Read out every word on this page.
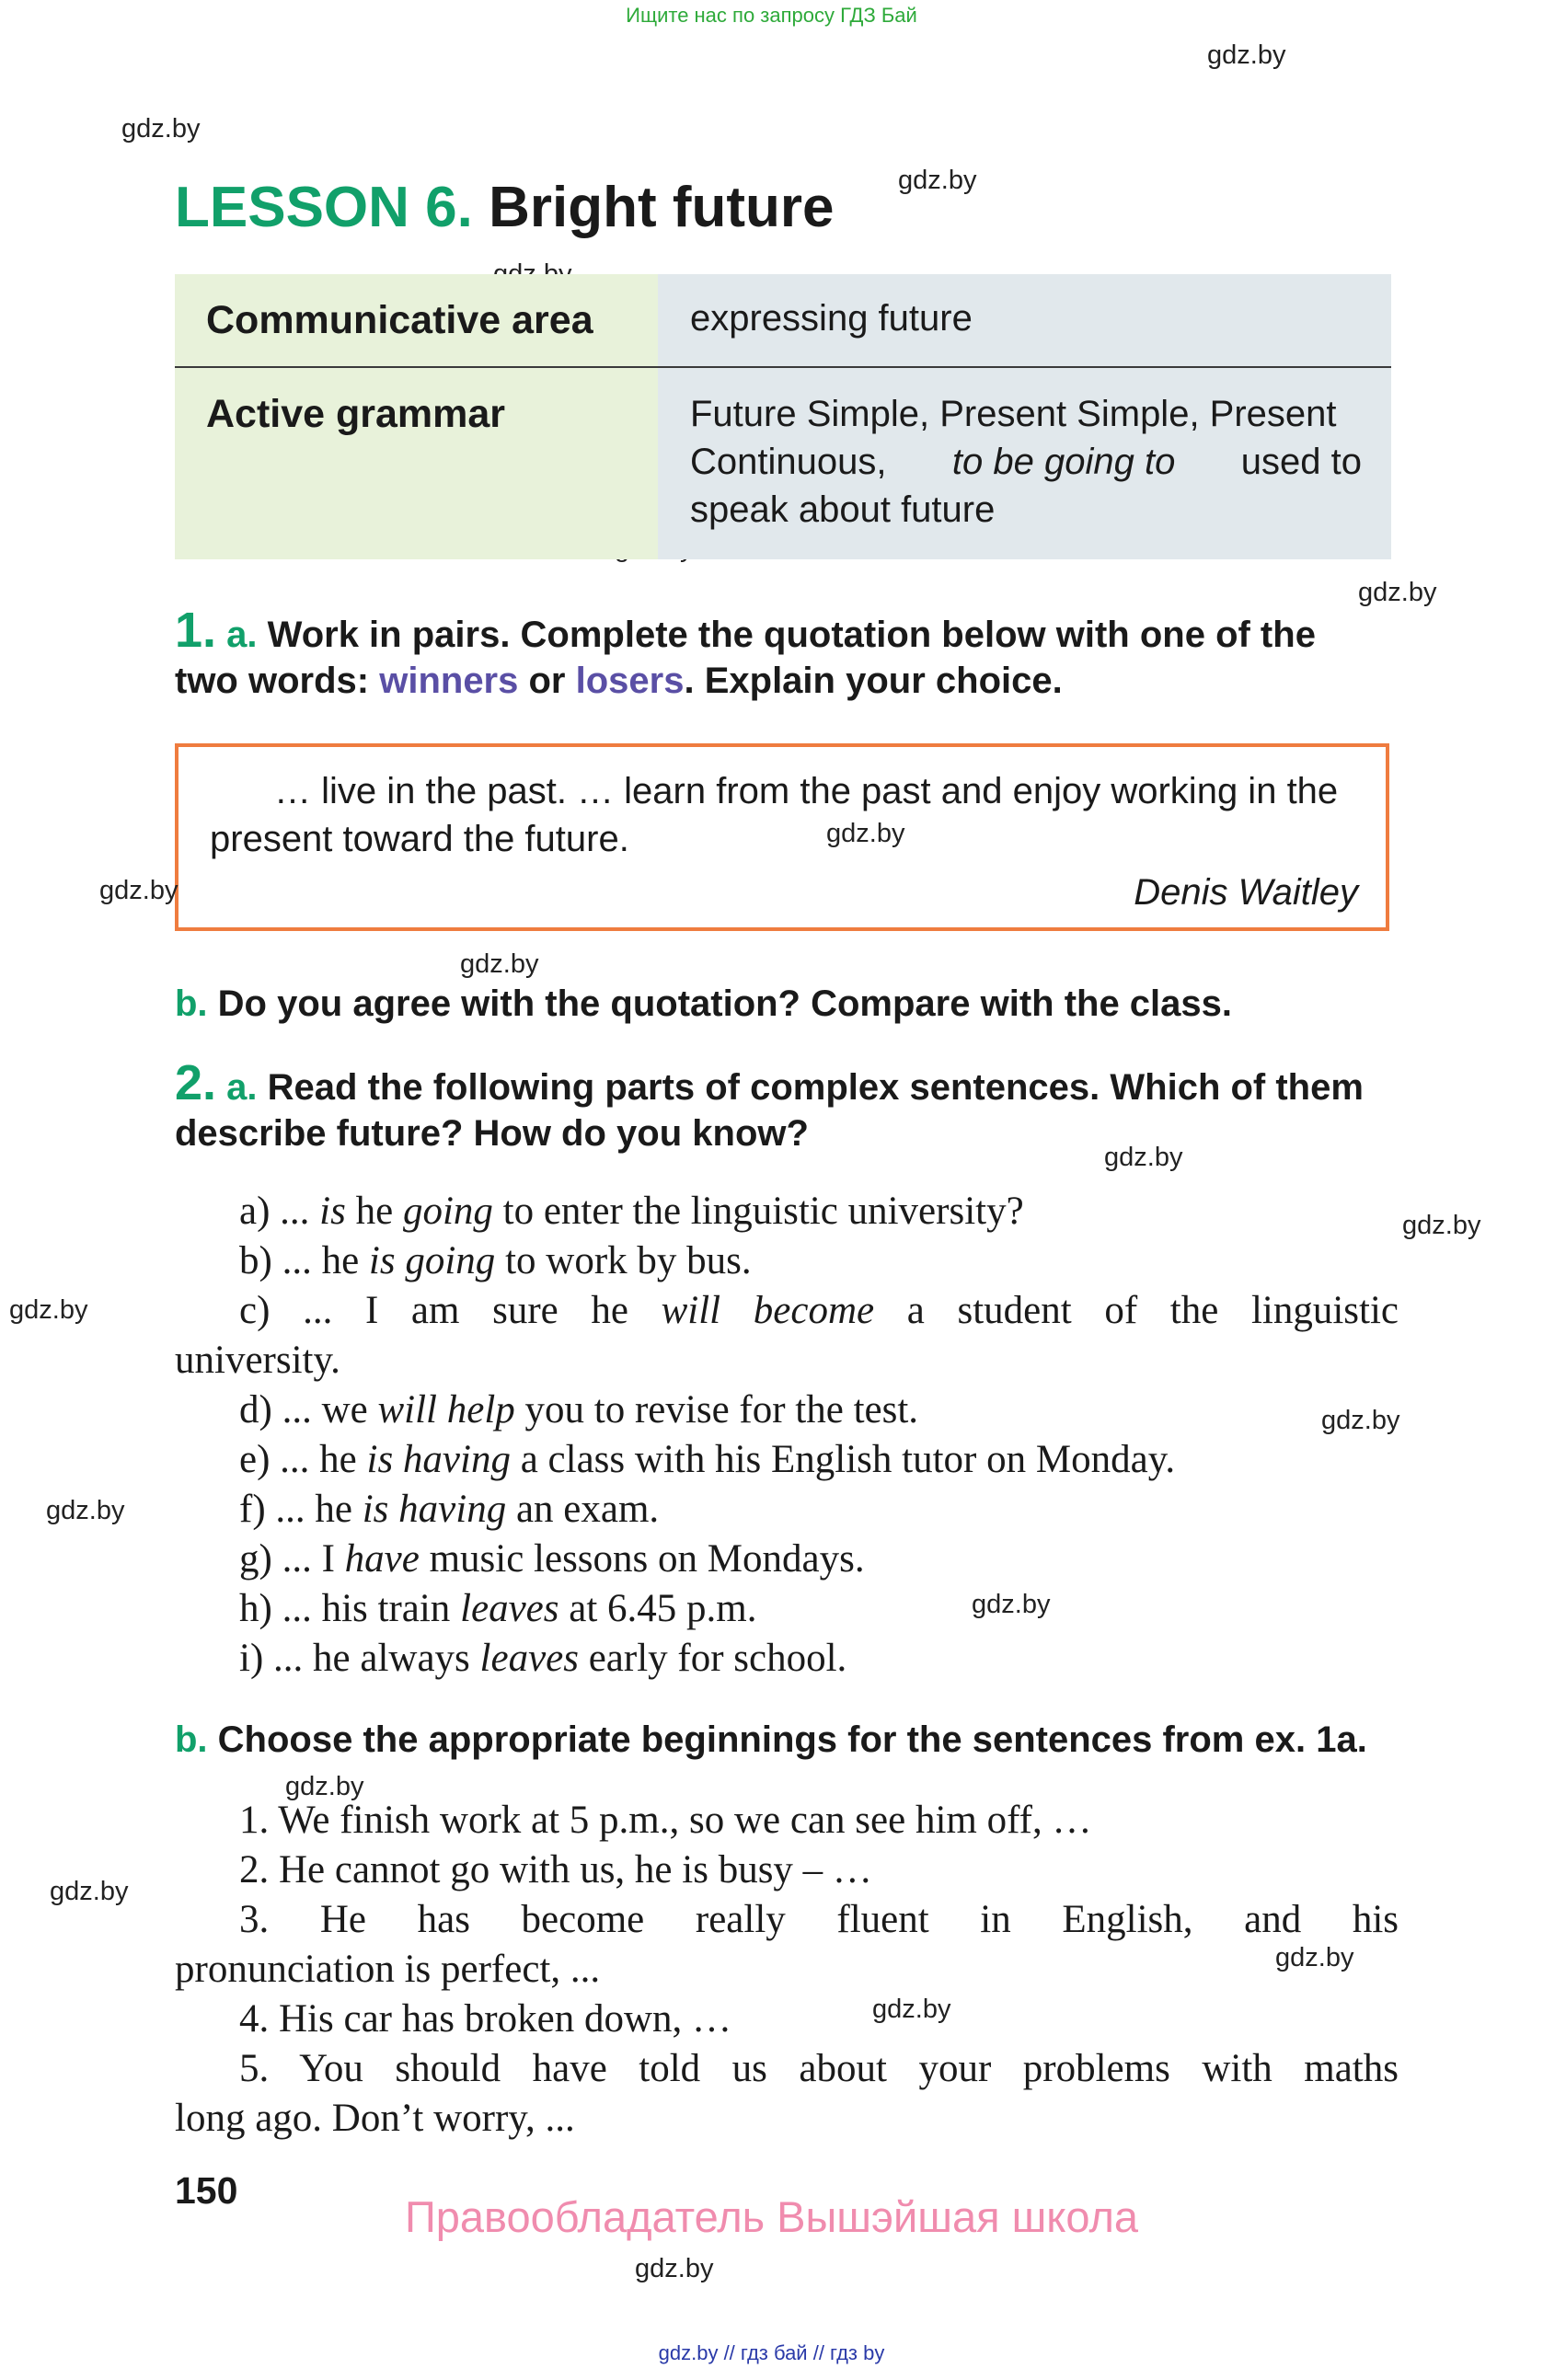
Ищите нас по запросу ГДЗ Бай
gdz.by
gdz.by
gdz.by
gdz.by
gdz.by
gdz.by
gdz.by
gdz.by
gdz.by
gdz.by
gdz.by
gdz.by
gdz.by
gdz.by
gdz.by
gdz.by
gdz.by
gdz.by
LESSON 6. Bright future
Communicative area	expressing future
Active grammar	Future Simple, Present Simple, Present
Continuous, to be going to used to
speak about future
1. a. Work in pairs. Complete the quotation below with one of the
two words: winners or losers. Explain your choice.
… live in the past. … learn from the past and enjoy working in the present toward the future.
Denis Waitley
b. Do you agree with the quotation? Compare with the class.
2. a. Read the following parts of complex sentences. Which of them
describe future? How do you know?
a) ... is he going to enter the linguistic university?
b) ... he is going to work by bus.
c) ... I am sure he will become a student of the linguistic
university.
d) ... we will help you to revise for the test.
e) ... he is having a class with his English tutor on Monday.
f) ... he is having an exam.
g) ... I have music lessons on Mondays.
h) ... his train leaves at 6.45 p.m.
i) ... he always leaves early for school.
b. Choose the appropriate beginnings for the sentences from ex. 1a.
1. We finish work at 5 p.m., so we can see him off, …
2. He cannot go with us, he is busy – …
3. He has become really fluent in English, and his
pronunciation is perfect, ...
4. His car has broken down, …
5. You should have told us about your problems with maths
long ago. Don’t worry, ...
150
Правообладатель Вышэйшая школа
gdz.by // гдз бай // гдз by
